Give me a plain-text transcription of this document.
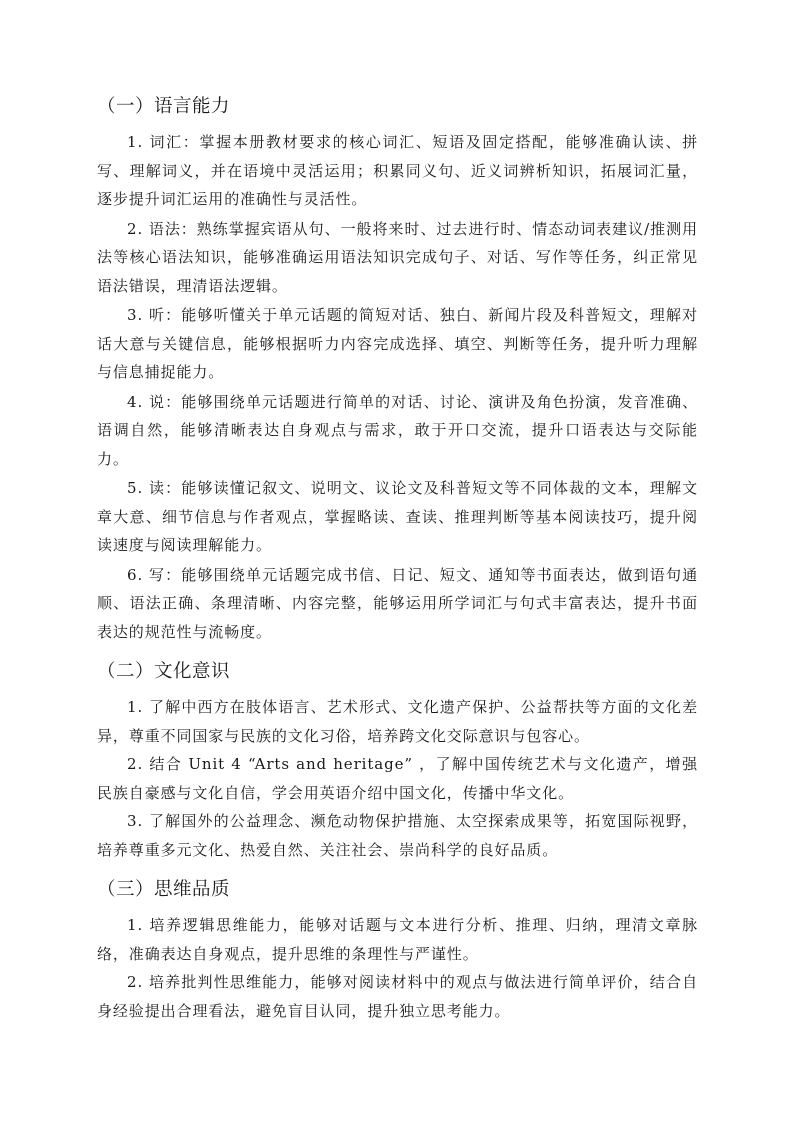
（一）语言能力

1. 词汇：掌握本册教材要求的核心词汇、短语及固定搭配，能够准确认读、拼写、理解词义，并在语境中灵活运用；积累同义句、近义词辨析知识，拓展词汇量，逐步提升词汇运用的准确性与灵活性。

2. 语法：熟练掌握宾语从句、一般将来时、过去进行时、情态动词表建议/推测用法等核心语法知识，能够准确运用语法知识完成句子、对话、写作等任务，纠正常见语法错误，理清语法逻辑。

3. 听：能够听懂关于单元话题的简短对话、独白、新闻片段及科普短文，理解对话大意与关键信息，能够根据听力内容完成选择、填空、判断等任务，提升听力理解与信息捕捉能力。

4. 说：能够围绕单元话题进行简单的对话、讨论、演讲及角色扮演，发音准确、语调自然，能够清晰表达自身观点与需求，敢于开口交流，提升口语表达与交际能力。

5. 读：能够读懂记叙文、说明文、议论文及科普短文等不同体裁的文本，理解文章大意、细节信息与作者观点，掌握略读、查读、推理判断等基本阅读技巧，提升阅读速度与阅读理解能力。

6. 写：能够围绕单元话题完成书信、日记、短文、通知等书面表达，做到语句通顺、语法正确、条理清晰、内容完整，能够运用所学词汇与句式丰富表达，提升书面表达的规范性与流畅度。

（二）文化意识

1. 了解中西方在肢体语言、艺术形式、文化遗产保护、公益帮扶等方面的文化差异，尊重不同国家与民族的文化习俗，培养跨文化交际意识与包容心。

2. 结合 Unit 4 “Arts and heritage” ，了解中国传统艺术与文化遗产，增强民族自豪感与文化自信，学会用英语介绍中国文化，传播中华文化。

3. 了解国外的公益理念、濒危动物保护措施、太空探索成果等，拓宽国际视野，培养尊重多元文化、热爱自然、关注社会、崇尚科学的良好品质。

（三）思维品质

1. 培养逻辑思维能力，能够对话题与文本进行分析、推理、归纳，理清文章脉络，准确表达自身观点，提升思维的条理性与严谨性。

2. 培养批判性思维能力，能够对阅读材料中的观点与做法进行简单评价，结合自身经验提出合理看法，避免盲目认同，提升独立思考能力。
